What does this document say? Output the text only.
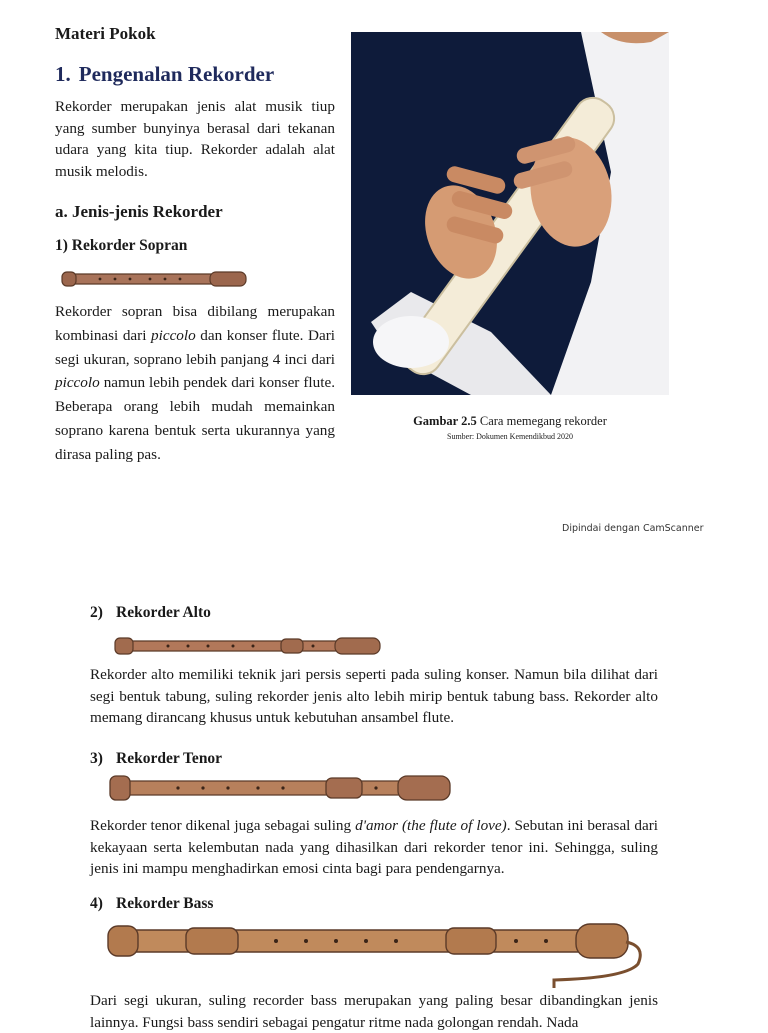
Materi Pokok
1. Pengenalan Rekorder
Rekorder merupakan jenis alat musik tiup yang sumber bunyinya berasal dari tekanan udara yang kita tiup. Rekorder adalah alat musik melodis.
a. Jenis-jenis Rekorder
1) Rekorder Sopran
Rekorder sopran bisa dibilang merupakan kombinasi dari piccolo dan konser flute. Dari segi ukuran, soprano lebih panjang 4 inci dari piccolo namun lebih pendek dari konser flute. Beberapa orang lebih mudah memainkan soprano karena bentuk serta ukurannya yang dirasa paling pas.
Gambar 2.5 Cara memegang rekorder
Sumber: Dokumen Kemendikbud 2020
Dipindai dengan CamScanner
2) Rekorder Alto
Rekorder alto memiliki teknik jari persis seperti pada suling konser. Namun bila dilihat dari segi bentuk tabung, suling rekorder jenis alto lebih mirip bentuk tabung bass. Rekorder alto memang dirancang khusus untuk kebutuhan ansambel flute.
3) Rekorder Tenor
Rekorder tenor dikenal juga sebagai suling d'amor (the flute of love). Sebutan ini berasal dari kekayaan serta kelembutan nada yang dihasilkan dari rekorder tenor ini. Sehingga, suling jenis ini mampu menghadirkan emosi cinta bagi para pendengarnya.
4) Rekorder Bass
Dari segi ukuran, suling recorder bass merupakan yang paling besar dibandingkan jenis lainnya. Fungsi bass sendiri sebagai pengatur ritme nada golongan rendah. Nada
